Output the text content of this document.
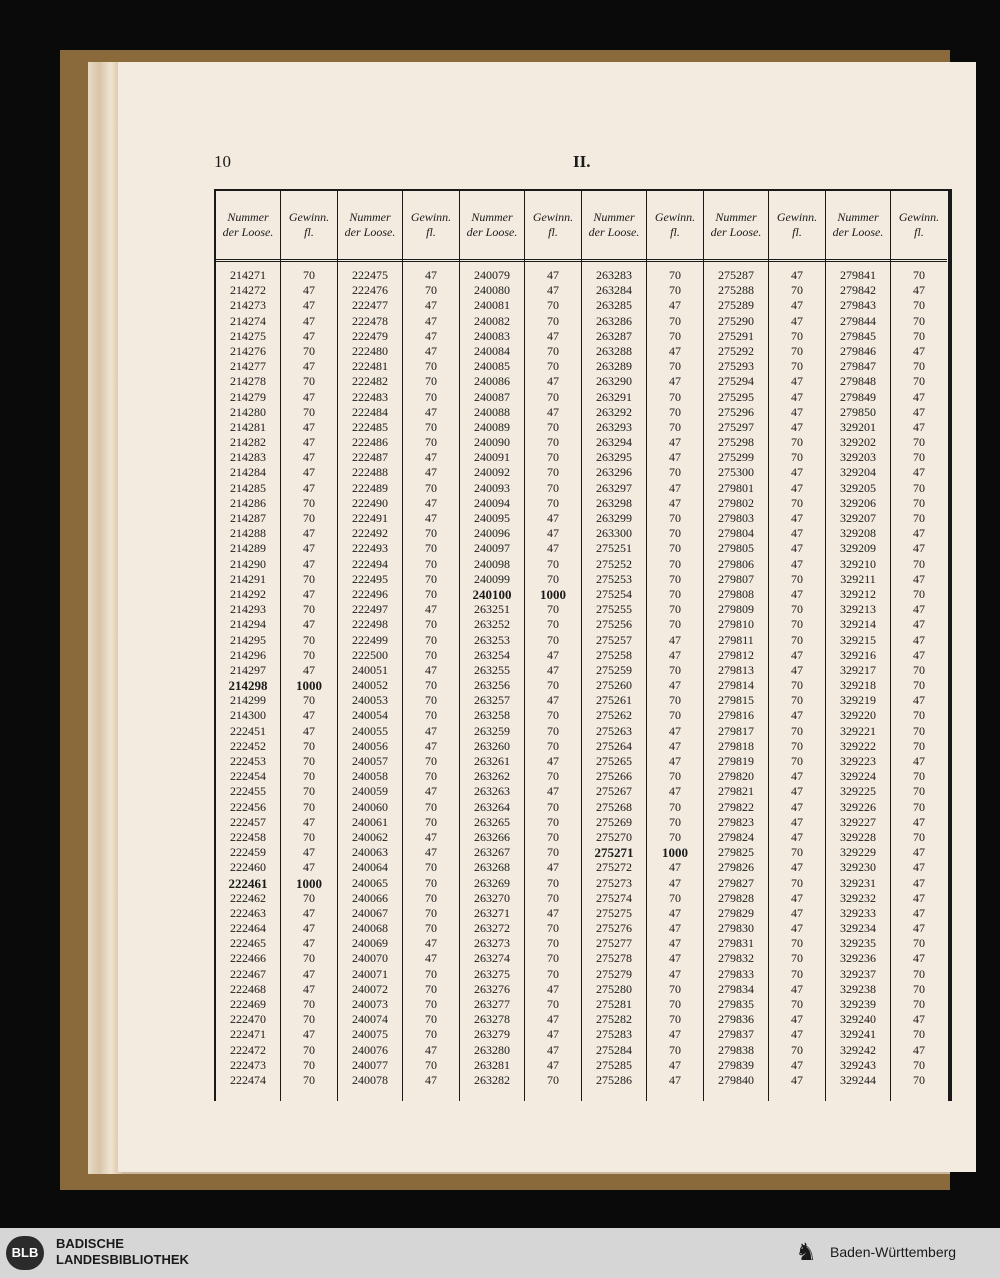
10	II.
Nummer
der Loose.
214271
214272
214273
214274
214275
214276
214277
214278
214279
214280
214281
214282
214283
214284
214285
214286
214287
214288
214289
214290
214291
214292
214293
214294
214295
214296
214297
214298
214299
214300
222451
222452
222453
222454
222455
222456
222457
222458
222459
222460
222461
222462
222463
222464
222465
222466
222467
222468
222469
222470
222471
222472
222473
222474
Gewinn.
fl.
70
47
47
47
47
70
47
70
47
70
47
47
47
47
47
70
70
47
47
47
70
47
70
47
70
70
47
1000
70
47
47
70
70
70
70
70
47
70
47
47
1000
70
47
47
47
70
47
47
70
70
47
70
70
70
Nummer
der Loose.
222475
222476
222477
222478
222479
222480
222481
222482
222483
222484
222485
222486
222487
222488
222489
222490
222491
222492
222493
222494
222495
222496
222497
222498
222499
222500
240051
240052
240053
240054
240055
240056
240057
240058
240059
240060
240061
240062
240063
240064
240065
240066
240067
240068
240069
240070
240071
240072
240073
240074
240075
240076
240077
240078
Gewinn.
fl.
47
70
47
47
47
47
70
70
70
47
70
70
47
47
70
47
47
70
70
70
70
70
47
70
70
70
47
70
70
70
47
47
70
70
47
70
70
47
47
70
70
70
70
70
47
47
70
70
70
70
70
47
70
47
Nummer
der Loose.
240079
240080
240081
240082
240083
240084
240085
240086
240087
240088
240089
240090
240091
240092
240093
240094
240095
240096
240097
240098
240099
240100
263251
263252
263253
263254
263255
263256
263257
263258
263259
263260
263261
263262
263263
263264
263265
263266
263267
263268
263269
263270
263271
263272
263273
263274
263275
263276
263277
263278
263279
263280
263281
263282
Gewinn.
fl.
47
47
70
70
47
70
70
47
70
47
70
70
70
70
70
70
47
47
47
70
70
1000
70
70
70
47
47
70
47
70
70
70
47
70
47
70
70
70
70
47
70
70
47
70
70
70
70
47
70
47
47
47
47
70
Nummer
der Loose.
263283
263284
263285
263286
263287
263288
263289
263290
263291
263292
263293
263294
263295
263296
263297
263298
263299
263300
275251
275252
275253
275254
275255
275256
275257
275258
275259
275260
275261
275262
275263
275264
275265
275266
275267
275268
275269
275270
275271
275272
275273
275274
275275
275276
275277
275278
275279
275280
275281
275282
275283
275284
275285
275286
Gewinn.
fl.
70
70
47
70
70
47
70
47
70
70
70
47
47
70
47
47
70
70
70
70
70
70
70
70
47
47
70
47
70
70
47
47
47
70
47
70
70
70
1000
47
47
70
47
47
47
47
47
70
70
70
47
70
47
47
Nummer
der Loose.
275287
275288
275289
275290
275291
275292
275293
275294
275295
275296
275297
275298
275299
275300
279801
279802
279803
279804
279805
279806
279807
279808
279809
279810
279811
279812
279813
279814
279815
279816
279817
279818
279819
279820
279821
279822
279823
279824
279825
279826
279827
279828
279829
279830
279831
279832
279833
279834
279835
279836
279837
279838
279839
279840
Gewinn.
fl.
47
70
47
47
70
70
70
47
47
47
47
70
70
47
47
70
47
47
47
47
70
47
70
70
70
47
47
70
70
47
70
70
70
47
47
47
47
47
70
47
70
47
47
47
70
70
70
47
70
47
47
70
47
47
Nummer
der Loose.
279841
279842
279843
279844
279845
279846
279847
279848
279849
279850
329201
329202
329203
329204
329205
329206
329207
329208
329209
329210
329211
329212
329213
329214
329215
329216
329217
329218
329219
329220
329221
329222
329223
329224
329225
329226
329227
329228
329229
329230
329231
329232
329233
329234
329235
329236
329237
329238
329239
329240
329241
329242
329243
329244
Gewinn.
fl.
70
47
70
70
70
47
70
70
47
47
47
70
70
47
70
70
70
47
47
70
47
70
47
47
47
47
70
70
47
70
70
70
47
70
70
70
47
70
47
47
47
47
47
47
70
47
70
70
70
47
70
47
70
70
BLB
BADISCHE
LANDESBIBLIOTHEK	♞ Baden-Württemberg
